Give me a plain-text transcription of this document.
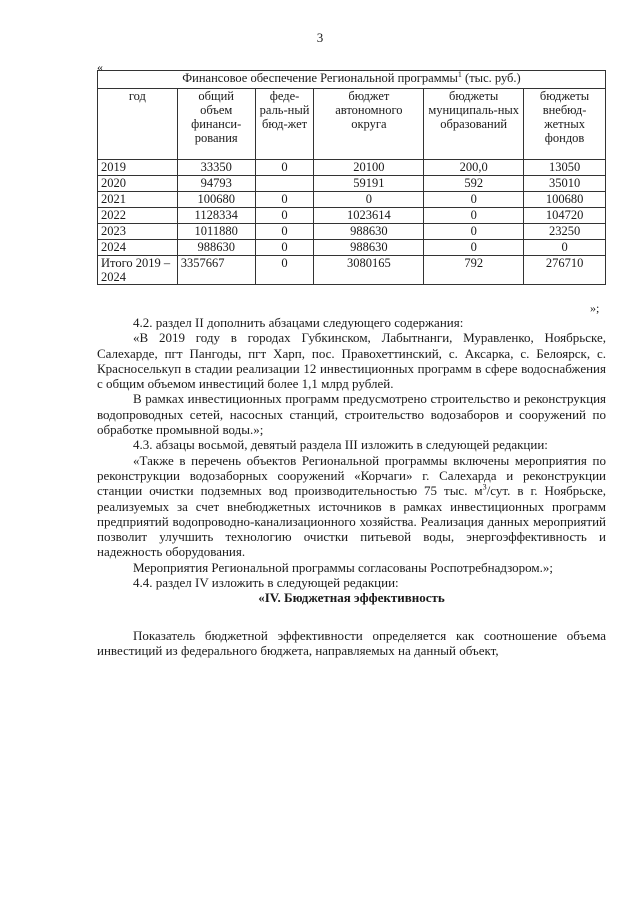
3
«
Финансовое обеспечение Региональной программы$^1$ (тыс. руб.)					
год	общий объем финанси-рования	феде-раль-ный бюд-жет	бюджет автономного округа	бюджеты муниципаль-ных образований	бюджеты внебюд-жетных фондов
2019	33350	0	20100	200,0	13050
2020	94793		59191	592	35010
2021	100680	0	0	0	100680
2022	1128334	0	1023614	0	104720
2023	1011880	0	988630	0	23250
2024	988630	0	988630	0	0
Итого 2019 – 2024	3357667	0	3080165	792	276710
»;

4.2. раздел II дополнить абзацами следующего содержания:

«В 2019 году в городах Губкинском, Лабытнанги, Муравленко, Ноябрьске, Салехарде, пгт Пангоды, пгт Харп, пос. Правохеттинский, с. Аксарка, с. Белоярск, с. Красноселькуп в стадии реализации 12 инвестиционных программ в сфере водоснабжения с общим объемом инвестиций более 1,1 млрд рублей.

В рамках инвестиционных программ предусмотрено строительство и реконструкция водопроводных сетей, насосных станций, строительство водозаборов и сооружений по обработке промывной воды.»;

4.3. абзацы восьмой, девятый раздела III изложить в следующей редакции:

«Также в перечень объектов Региональной программы включены мероприятия по реконструкции водозаборных сооружений «Корчаги» г. Салехарда и реконструкции станции очистки подземных вод производительностью 75 тыс. $м^3$/сут. в г. Ноябрьске, реализуемых за счет внебюджетных источников в рамках инвестиционных программ предприятий водопроводно-канализационного хозяйства. Реализация данных мероприятий позволит улучшить технологию очистки питьевой воды, энергоэффективность и надежность оборудования.

Мероприятия Региональной программы согласованы Роспотребнадзором.»;

4.4. раздел IV изложить в следующей редакции:

«IV. Бюджетная эффективность

Показатель бюджетной эффективности определяется как соотношение объема инвестиций из федерального бюджета, направляемых на данный объект,
